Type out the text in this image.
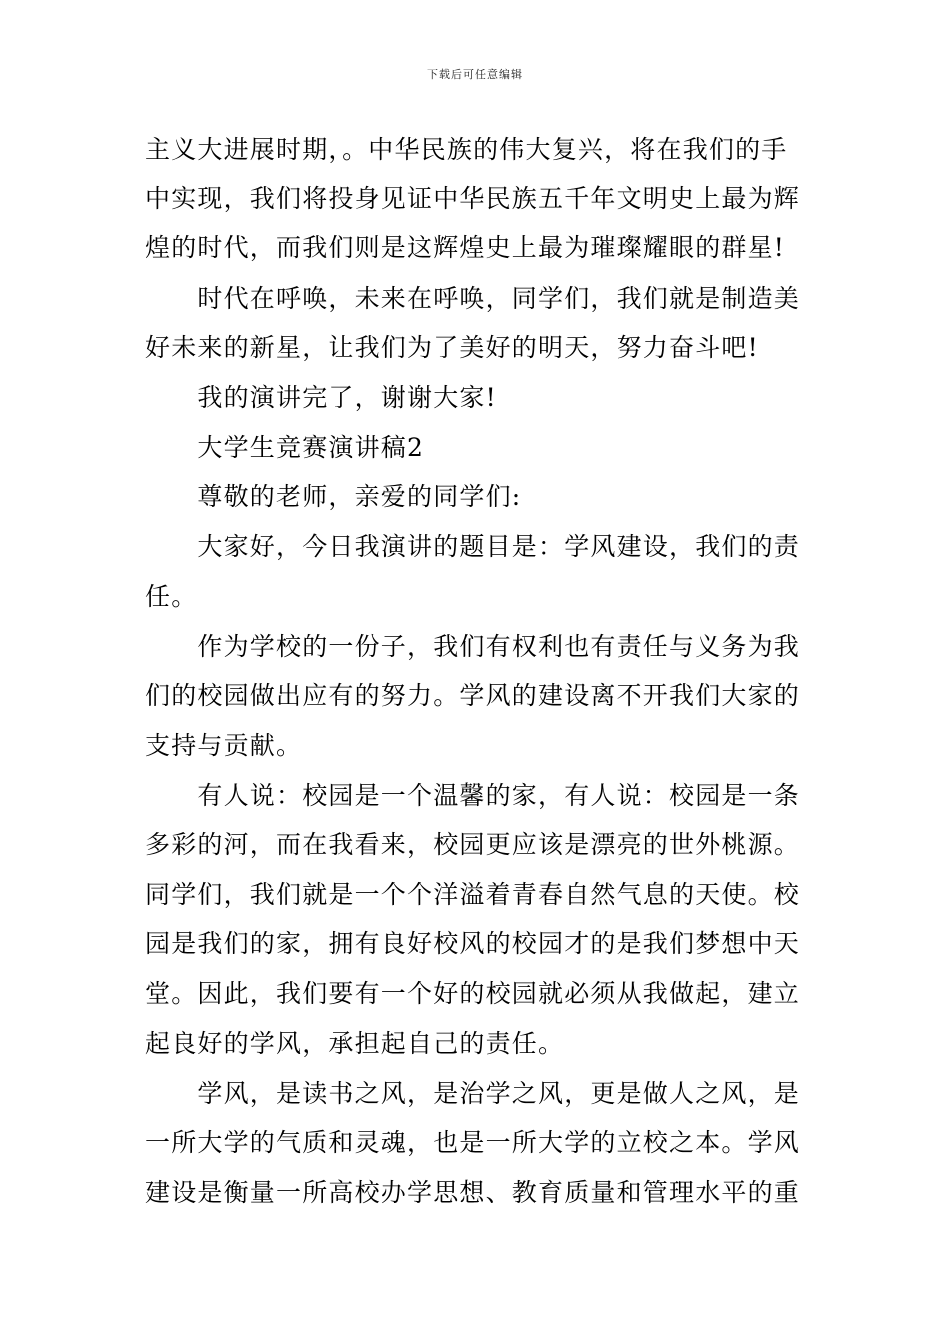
下载后可任意编辑
主义大进展时期，。中华民族的伟大复兴，将在我们的手
中实现，我们将投身见证中华民族五千年文明史上最为辉
煌的时代，而我们则是这辉煌史上最为璀璨耀眼的群星!
　　时代在呼唤，未来在呼唤，同学们，我们就是制造美
好未来的新星，让我们为了美好的明天，努力奋斗吧!
　　我的演讲完了，谢谢大家!
　　大学生竞赛演讲稿2
　　尊敬的老师，亲爱的同学们:
　　大家好，今日我演讲的题目是：学风建设，我们的责
任。
　　作为学校的一份子，我们有权利也有责任与义务为我
们的校园做出应有的努力。学风的建设离不开我们大家的
支持与贡献。
　　有人说：校园是一个温馨的家，有人说：校园是一条
多彩的河，而在我看来，校园更应该是漂亮的世外桃源。
同学们，我们就是一个个洋溢着青春自然气息的天使。校
园是我们的家，拥有良好校风的校园才的是我们梦想中天
堂。因此，我们要有一个好的校园就必须从我做起，建立
起良好的学风，承担起自己的责任。
　　学风，是读书之风，是治学之风，更是做人之风，是
一所大学的气质和灵魂，也是一所大学的立校之本。学风
建设是衡量一所高校办学思想、教育质量和管理水平的重
